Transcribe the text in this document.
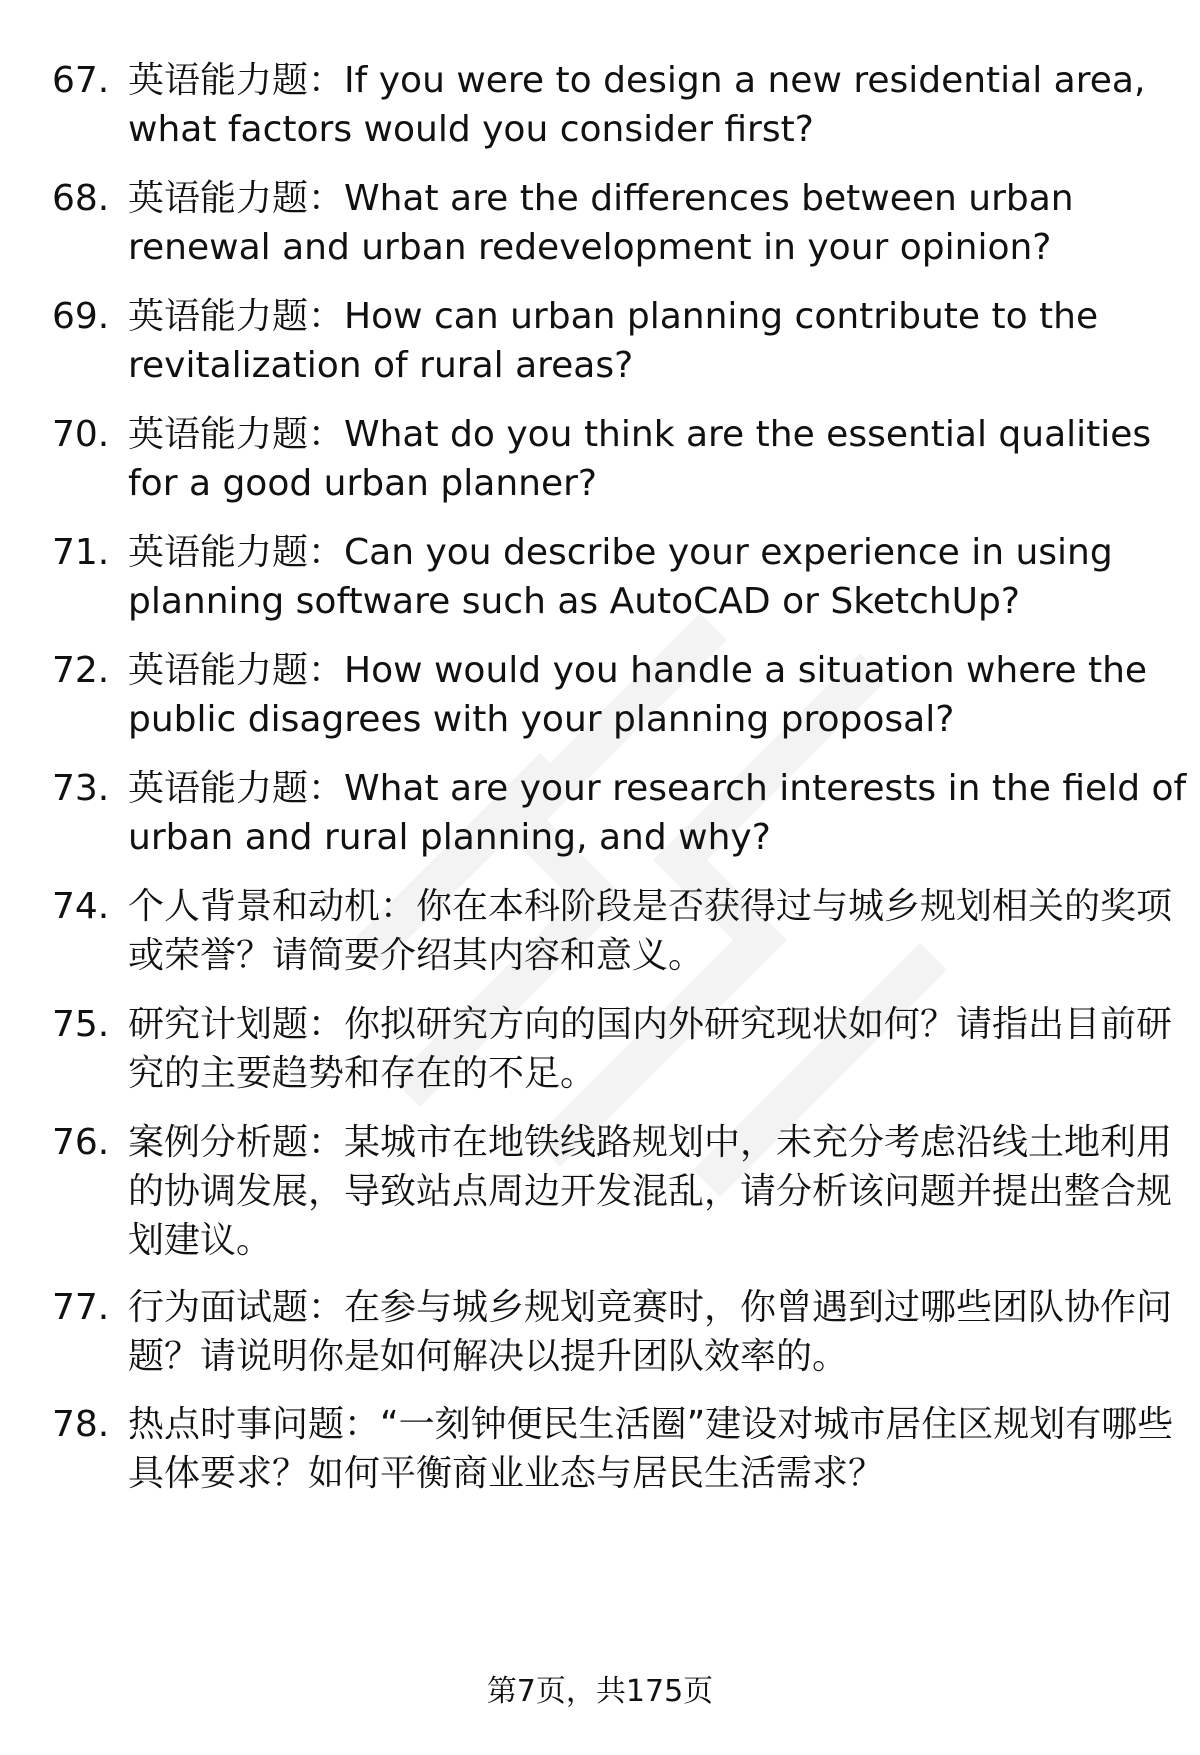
67. 英语能力题：If you were to design a new residential area, what factors would you consider first?
68. 英语能力题：What are the differences between urban renewal and urban redevelopment in your opinion?
69. 英语能力题：How can urban planning contribute to the revitalization of rural areas?
70. 英语能力题：What do you think are the essential qualities for a good urban planner?
71. 英语能力题：Can you describe your experience in using planning software such as AutoCAD or SketchUp?
72. 英语能力题：How would you handle a situation where the public disagrees with your planning proposal?
73. 英语能力题：What are your research interests in the field of urban and rural planning, and why?
74. 个人背景和动机：你在本科阶段是否获得过与城乡规划相关的奖项或荣誉？请简要介绍其内容和意义。
75. 研究计划题：你拟研究方向的国内外研究现状如何？请指出目前研究的主要趋势和存在的不足。
76. 案例分析题：某城市在地铁线路规划中，未充分考虑沿线土地利用的协调发展，导致站点周边开发混乱，请分析该问题并提出整合规划建议。
77. 行为面试题：在参与城乡规划竞赛时，你曾遇到过哪些团队协作问题？请说明你是如何解决以提升团队效率的。
78. 热点时事问题：“一刻钟便民生活圈”建设对城市居住区规划有哪些具体要求？如何平衡商业业态与居民生活需求？
第7页，共175页
